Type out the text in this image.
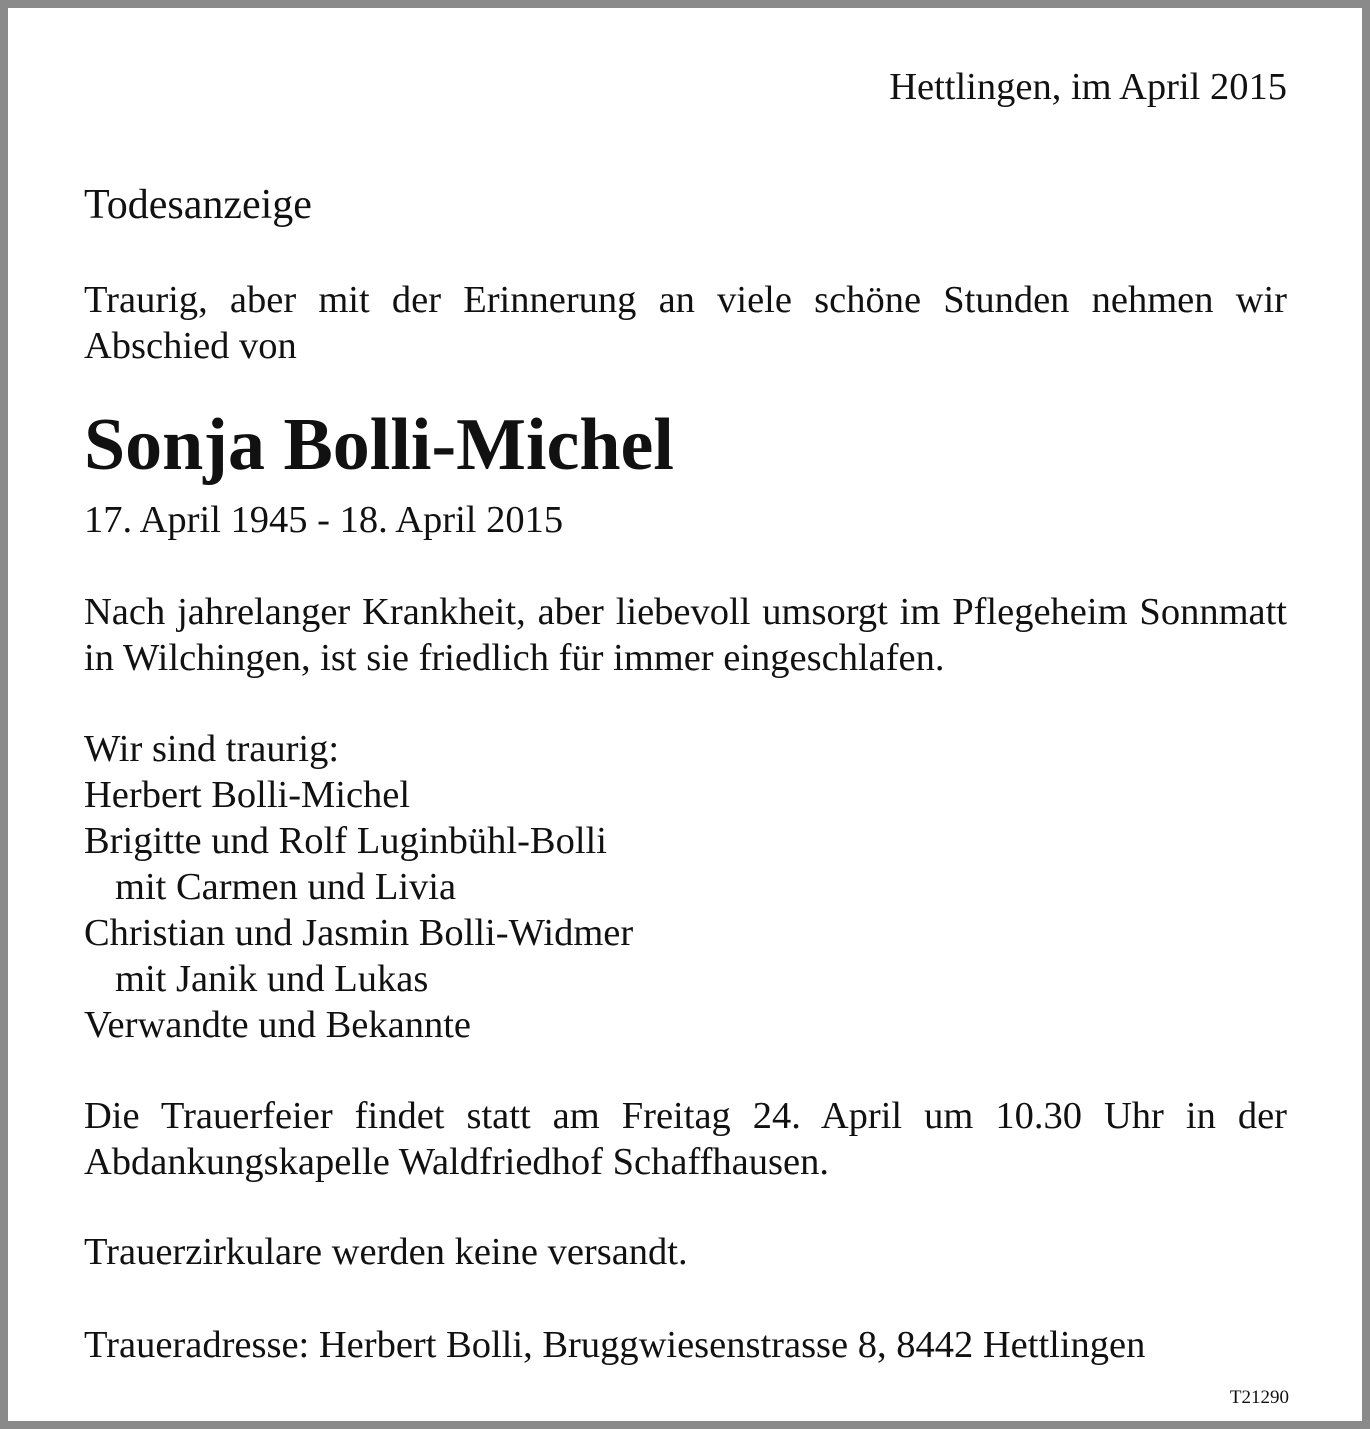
Hettlingen, im April 2015

Todesanzeige

Traurig, aber mit der Erinnerung an viele schöne Stunden nehmen wir Abschied von

Sonja Bolli-Michel

17. April 1945 - 18. April 2015

Nach jahrelanger Krankheit, aber liebevoll umsorgt im Pflegeheim Sonnmatt in Wilchingen, ist sie friedlich für immer eingeschlafen.

Wir sind traurig:
Herbert Bolli-Michel
Brigitte und Rolf Luginbühl-Bolli
mit Carmen und Livia
Christian und Jasmin Bolli-Widmer
mit Janik und Lukas
Verwandte und Bekannte

Die Trauerfeier findet statt am Freitag 24. April um 10.30 Uhr in der Abdankungskapelle Waldfriedhof Schaffhausen.

Trauerzirkulare werden keine versandt.

Traueradresse: Herbert Bolli, Bruggwiesenstrasse 8, 8442 Hettlingen

T21290
